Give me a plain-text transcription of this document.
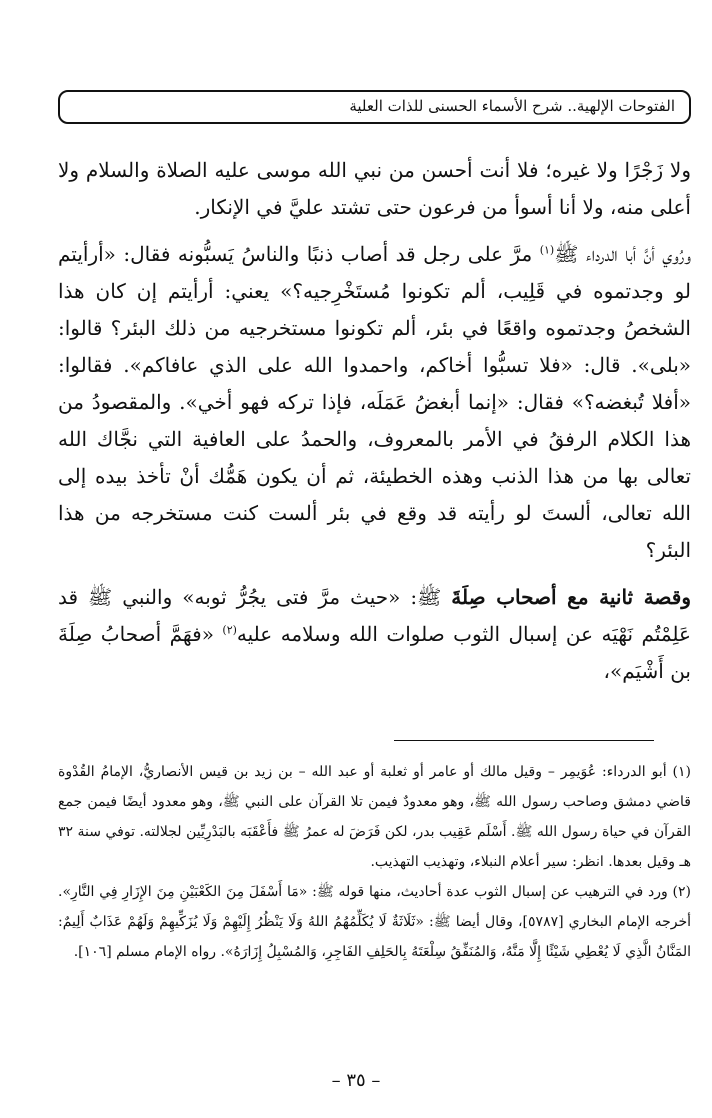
الفتوحات الإلهية.. شرح الأسماء الحسنى للذات العلية

ولا زَجْرًا ولا غيره؛ فلا أنت أحسن من نبي الله موسى عليه الصلاة والسلام ولا أعلى منه، ولا أنا أسوأ من فرعون حتى تشتد عليَّ في الإنكار.

ورُوي أنَّ أبا الدرداء ﷺ$^{(١)}$ مرَّ على رجل قد أصاب ذنبًا والناسُ يَسبُّونه فقال: «أرأيتم لو وجدتموه في قَلِيب، ألم تكونوا مُستَخْرِجيه؟» يعني: أرأيتم إن كان هذا الشخصُ وجدتموه واقعًا في بئر، ألم تكونوا مستخرجيه من ذلك البئر؟ قالوا: «بلى». قال: «فلا تسبُّوا أخاكم، واحمدوا الله على الذي عافاكم». فقالوا: «أفلا تُبغضه؟» فقال: «إنما أبغضُ عَمَلَه، فإذا تركه فهو أخي». والمقصودُ من هذا الكلام الرفقُ في الأمر بالمعروف، والحمدُ على العافية التي نجَّاك الله تعالى بها من هذا الذنب وهذه الخطيئة، ثم أن يكون هَمُّك أنْ تأخذ بيده إلى الله تعالى، ألستَ لو رأيته قد وقع في بئر ألست كنت مستخرجه من هذا البئر؟

وقصة ثانية مع أصحاب صِلَةَ ﷺ: «حيث مرَّ فتى يجُرُّ ثوبه» والنبي ﷺ قد عَلِمْتُم نَهْيَه عن إسبال الثوب صلوات الله وسلامه عليه$^{(٢)}$ «فهَمَّ أصحابُ صِلَةَ بن أَشْيَم»،

(١) أبو الدرداء: عُوَيمِر – وقيل مالك أو عامر أو ثعلبة أو عبد الله – بن زيد بن قيس الأنصاريُّ، الإمامُ القُدْوة قاضي دمشق وصاحب رسول الله ﷺ، وهو معدودٌ فيمن تلا القرآن على النبي ﷺ، وهو معدود أيضًا فيمن جمع القرآن في حياة رسول الله ﷺ. أَسْلَم عَقِيب بدر، لكن فَرَضَ له عمرُ ﷺ فأَعْقَبَه بالبَدْرِيِّين لجلالته. توفي سنة ٣٢ هـ وقيل بعدها. انظر: سير أعلام النبلاء، وتهذيب التهذيب.

(٢) ورد في الترهيب عن إسبال الثوب عدة أحاديث، منها قوله ﷺ: «مَا أَسْفَلَ مِنَ الكَعْبَيْنِ مِنَ الإِزَارِ فِي النَّارِ». أخرجه الإمام البخاري [٥٧٨٧]، وقال أيضا ﷺ: «ثَلَاثَةٌ لَا يُكَلِّمُهُمُ اللهُ وَلَا يَنْظُرُ إِلَيْهِمْ وَلَا يُزَكِّيهِمْ وَلَهُمْ عَذَابٌ أَلِيمٌ: المَنَّانُ الَّذِي لَا يُعْطِي شَيْئًا إِلَّا مَنَّهُ، وَالمُنَفِّقُ سِلْعَتَهُ بِالحَلِفِ الفَاجِرِ، وَالمُسْبِلُ إِزَارَهُ». رواه الإمام مسلم [١٠٦].

– ٣٥ –
